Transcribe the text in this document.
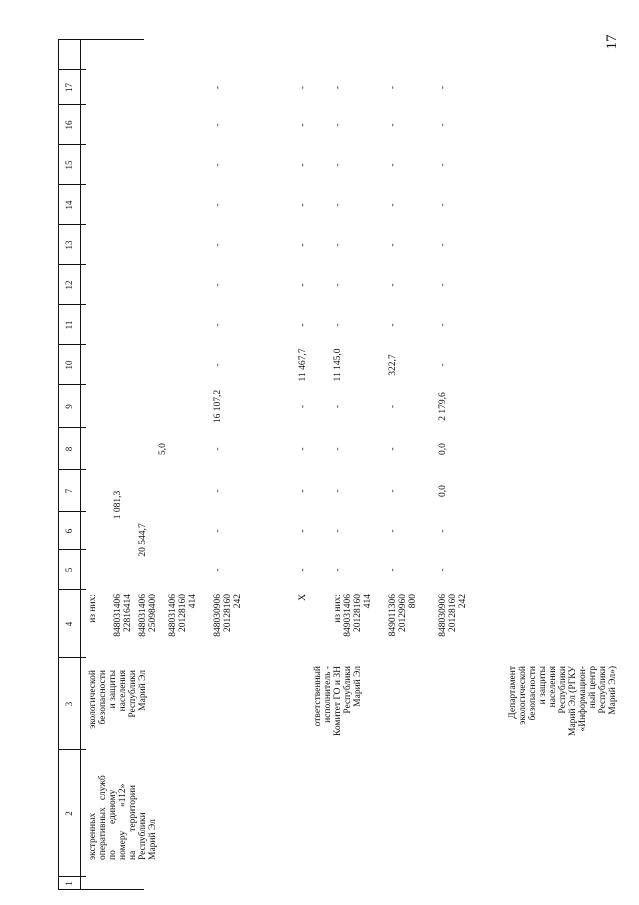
17
экстренных
оперативных   служб
по           единому
номеру          «112»
на        территории
Республики
Марий Эл
экологической
безопасности
и защиты
населения
Республики
Марий Эл	ответственный
исполнитель -
Комитет ГО и ЗН
Республики
Марий Эл	Департамент
экологической
безопасности
и защиты
населения
Республики
Марий Эл (РГКУ
«Информацион-
ный центр
Республики
Марий Эл»)
1
2
3
4
5
6
7
8
9
10
11
12
13
14
15
16
17
из них: 848031406
22816414
1 081,3
848031406
25098400
20 544,7
848031406
20128160
414
5,0
848030906
20128160
242
-
-
-
-
16 107,2
-
-
-
-
-
-
-
-
Х
-
-
-
-
-
11 467,7
-
-
-
-
-
-
-
из них:
849031406
20128160
414
-
-
-
-
-
11 145,0
-
-
-
-
-
-
-
849011306
20129960
800
-
-
-
-
-
322,7
-
-
-
-
-
-
-
848030906
20128160
242
-
-
0,0
0,0
2 179,6
-
-
-
-
-
-
-
-
